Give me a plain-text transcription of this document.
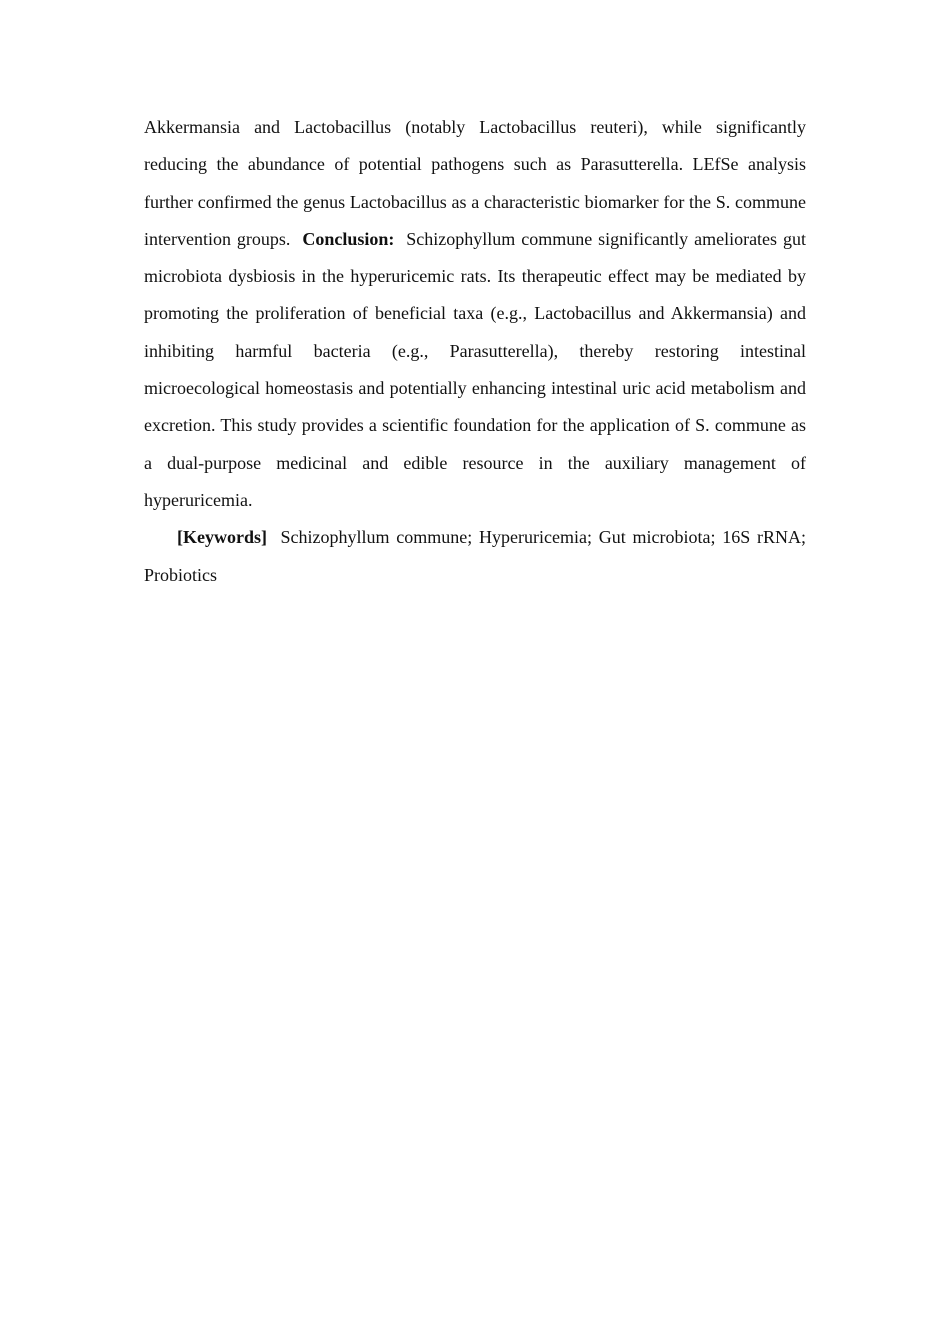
Akkermansia and Lactobacillus (notably Lactobacillus reuteri), while significantly reducing the abundance of potential pathogens such as Parasutterella. LEfSe analysis further confirmed the genus Lactobacillus as a characteristic biomarker for the S. commune intervention groups. Conclusion: Schizophyllum commune significantly ameliorates gut microbiota dysbiosis in the hyperuricemic rats. Its therapeutic effect may be mediated by promoting the proliferation of beneficial taxa (e.g., Lactobacillus and Akkermansia) and inhibiting harmful bacteria (e.g., Parasutterella), thereby restoring intestinal microecological homeostasis and potentially enhancing intestinal uric acid metabolism and excretion. This study provides a scientific foundation for the application of S. commune as a dual-purpose medicinal and edible resource in the auxiliary management of hyperuricemia.

[Keywords] Schizophyllum commune; Hyperuricemia; Gut microbiota; 16S rRNA; Probiotics
